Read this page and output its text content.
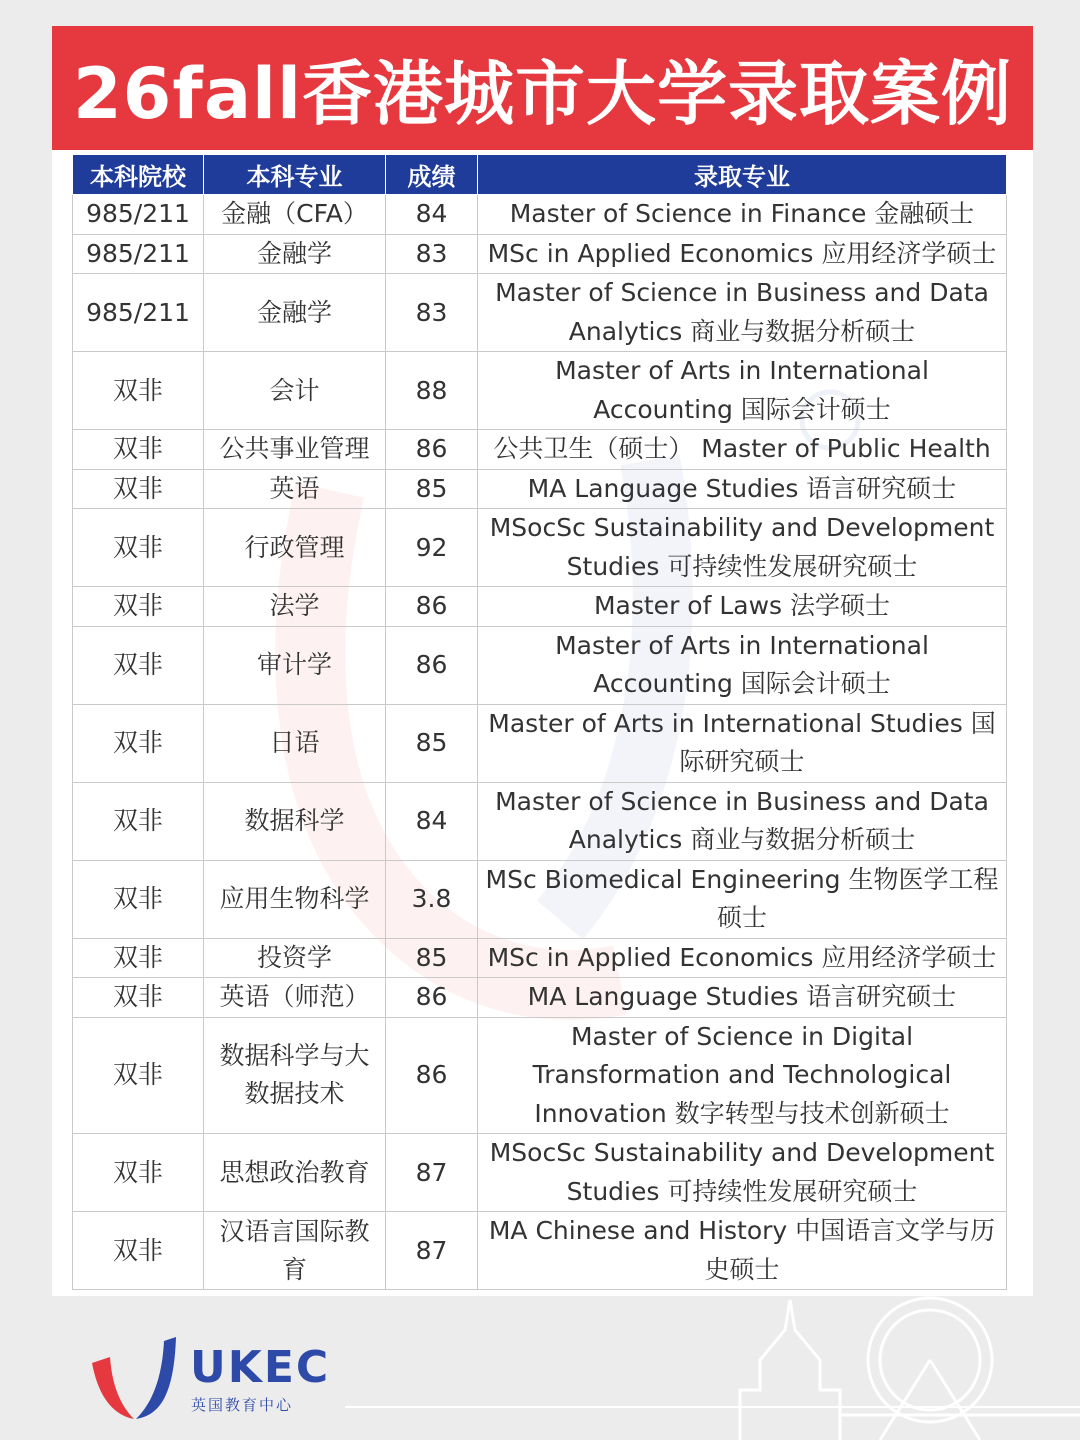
26fall香港城市大学录取案例
本科院校	本科专业	成绩	录取专业
985/211	金融（CFA）	84	Master of Science in Finance 金融硕士
985/211	金融学	83	MSc in Applied Economics 应用经济学硕士
985/211	金融学	83	Master of Science in Business and Data Analytics 商业与数据分析硕士
双非	会计	88	Master of Arts in International Accounting 国际会计硕士
双非	公共事业管理	86	公共卫生（硕士） Master of Public Health
双非	英语	85	MA Language Studies 语言研究硕士
双非	行政管理	92	MSocSc Sustainability and Development Studies 可持续性发展研究硕士
双非	法学	86	Master of Laws 法学硕士
双非	审计学	86	Master of Arts in International Accounting 国际会计硕士
双非	日语	85	Master of Arts in International Studies 国际研究硕士
双非	数据科学	84	Master of Science in Business and Data Analytics 商业与数据分析硕士
双非	应用生物科学	3.8	MSc Biomedical Engineering 生物医学工程硕士
双非	投资学	85	MSc in Applied Economics 应用经济学硕士
双非	英语（师范）	86	MA Language Studies 语言研究硕士
双非	数据科学与大数据技术	86	Master of Science in Digital Transformation and Technological Innovation 数字转型与技术创新硕士
双非	思想政治教育	87	MSocSc Sustainability and Development Studies 可持续性发展研究硕士
双非	汉语言国际教育	87	MA Chinese and History 中国语言文学与历史硕士
UKEC
英国教育中心
